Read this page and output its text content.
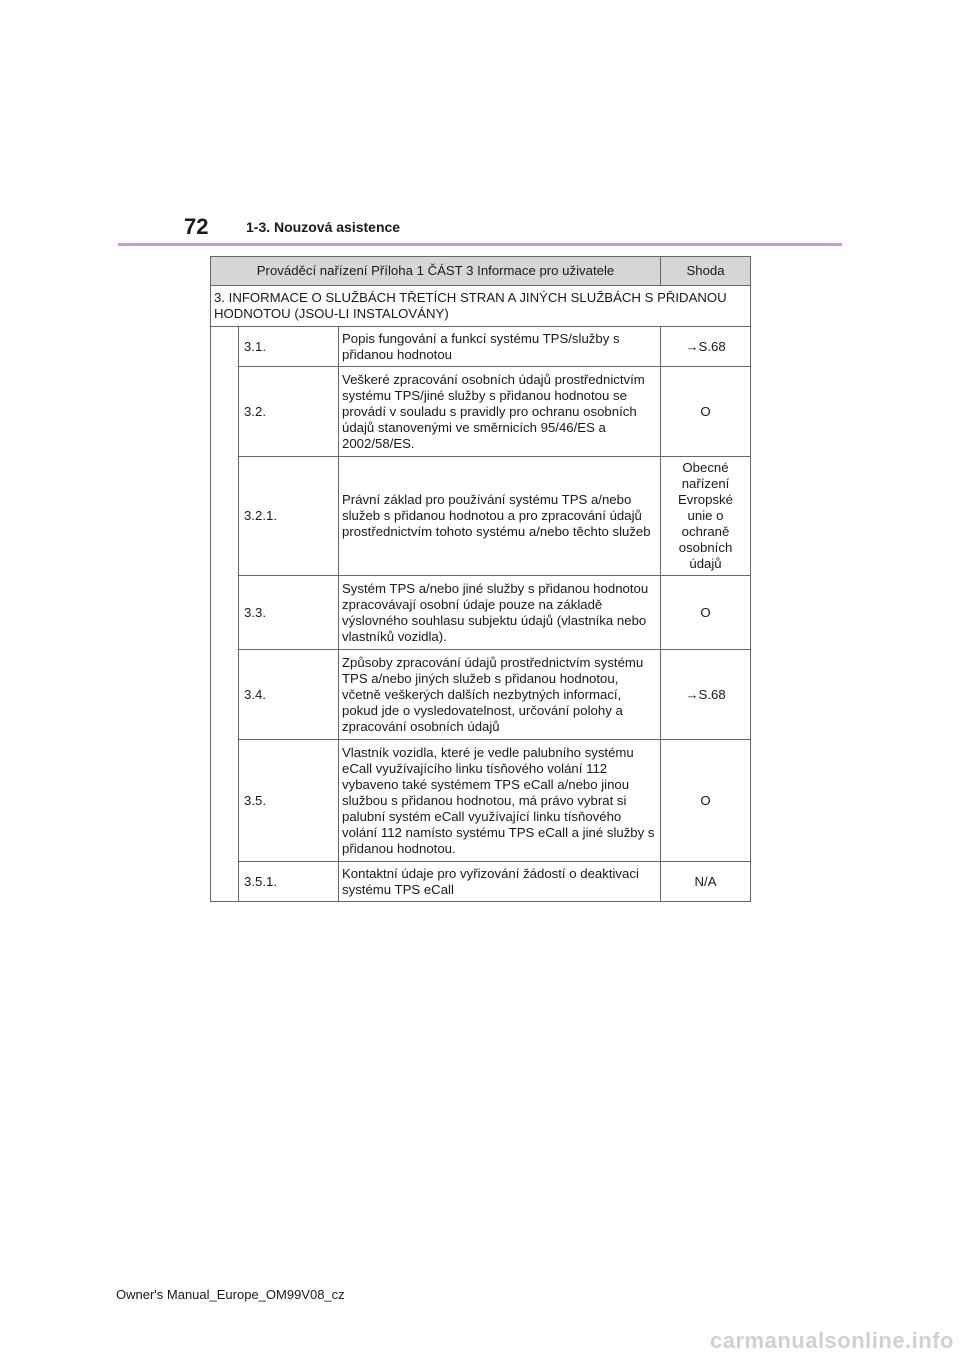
72	1-3. Nouzová asistence
Prováděcí nařízení Příloha 1 ČÁST 3 Informace pro uživatele			Shoda
3. INFORMACE O SLUŽBÁCH TŘETÍCH STRAN A JINÝCH SLUŽBÁCH S PŘIDANOU HODNOTOU (JSOU-LI INSTALOVÁNY)			
	3.1.	Popis fungování a funkcí systému TPS/služby s přidanou hodnotou	→S.68
	3.2.	Veškeré zpracování osobních údajů prostřednictvím systému TPS/jiné služby s přidanou hodnotou se provádí v souladu s pravidly pro ochranu osobních údajů stanovenými ve směrnicích 95/46/ES a 2002/58/ES.	O
	3.2.1.	Právní základ pro používání systému TPS a/nebo služeb s přidanou hodnotou a pro zpracování údajů prostřednictvím tohoto systému a/nebo těchto služeb	Obecné nařízení Evropské unie o ochraně osobních údajů
	3.3.	Systém TPS a/nebo jiné služby s přidanou hodnotou zpracovávají osobní údaje pouze na základě výslovného souhlasu subjektu údajů (vlastníka nebo vlastníků vozidla).	O
	3.4.	Způsoby zpracování údajů prostřednictvím systému TPS a/nebo jiných služeb s přidanou hodnotou, včetně veškerých dalších nezbytných informací, pokud jde o vysledovatelnost, určování polohy a zpracování osobních údajů	→S.68
	3.5.	Vlastník vozidla, které je vedle palubního systému eCall využívajícího linku tísňového volání 112 vybaveno také systémem TPS eCall a/nebo jinou službou s přidanou hodnotou, má právo vybrat si palubní systém eCall využívající linku tísňového volání 112 namísto systému TPS eCall a jiné služby s přidanou hodnotou.	O
	3.5.1.	Kontaktní údaje pro vyřizování žádostí o deaktivaci systému TPS eCall	N/A
Owner's Manual_Europe_OM99V08_cz
carmanualsonline.info
